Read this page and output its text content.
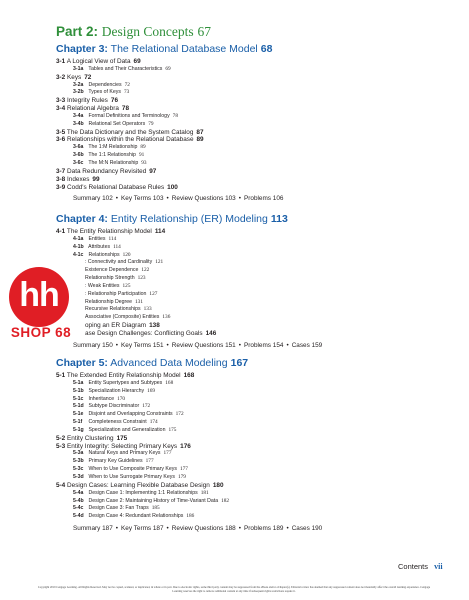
Part 2: Design Concepts 67
Chapter 3: The Relational Database Model 68
3-1 A Logical View of Data 69
3-1a Tables and Their Characteristics 69
3-2 Keys 72
3-2a Dependencies 72
3-2b Types of Keys 73
3-3 Integrity Rules 76
3-4 Relational Algebra 78
3-4a Formal Definitions and Terminology 78
3-4b Relational Set Operators 79
3-5 The Data Dictionary and the System Catalog 87
3-6 Relationships within the Relational Database 89
3-6a The 1:M Relationship 89
3-6b The 1:1 Relationship 91
3-6c The M:N Relationship 93
3-7 Data Redundancy Revisited 97
3-8 Indexes 99
3-9 Codd's Relational Database Rules 100
Summary 102 • Key Terms 103 • Review Questions 103 • Problems 106
Chapter 4: Entity Relationship (ER) Modeling 113
4-1 The Entity Relationship Model 114
4-1a Entities 114
4-1b Attributes 114
4-1c Relationships 120
: Connectivity and Cardinality 121
Existence Dependence 122
Relationship Strength 123
: Weak Entities 125
: Relationship Participation 127
Relationship Degree 131
Recursive Relationships 133
Associative (Composite) Entities 136
oping an ER Diagram 138
ase Design Challenges: Conflicting Goals 146
Summary 150 • Key Terms 151 • Review Questions 151 • Problems 154 • Cases 159
Chapter 5: Advanced Data Modeling 167
5-1 The Extended Entity Relationship Model 168
5-1a Entity Supertypes and Subtypes 168
5-1b Specialization Hierarchy 169
5-1c Inheritance 170
5-1d Subtype Discriminator 172
5-1e Disjoint and Overlapping Constraints 172
5-1f Completeness Constraint 174
5-1g Specialization and Generalization 175
5-2 Entity Clustering 175
5-3 Entity Integrity: Selecting Primary Keys 176
5-3a Natural Keys and Primary Keys 177
5-3b Primary Key Guidelines 177
5-3c When to Use Composite Primary Keys 177
5-3d When to Use Surrogate Primary Keys 179
5-4 Design Cases: Learning Flexible Database Design 180
5-4a Design Case 1: Implementing 1:1 Relationships 181
5-4b Design Case 2: Maintaining History of Time-Variant Data 182
5-4c Design Case 3: Fan Traps 185
5-4d Design Case 4: Redundant Relationships 186
Summary 187 • Key Terms 187 • Review Questions 188 • Problems 189 • Cases 190
hh
SHOP 68
Contents vii
Copyright 2019 Cengage Learning. All Rights Reserved. May not be copied, scanned, or duplicated, in whole or in part. Due to electronic rights, some third party content may be suppressed from the eBook and/or eChapter(s). Editorial review has deemed that any suppressed content does not materially affect the overall learning experience. Cengage Learning reserves the right to remove additional content at any time if subsequent rights restrictions require it.
